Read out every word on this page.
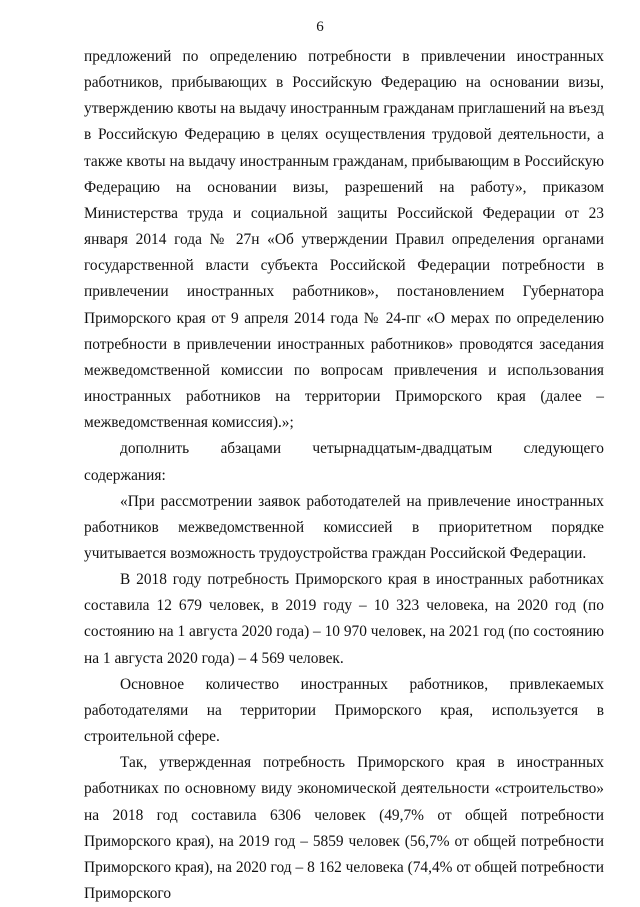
6

предложений по определению потребности в привлечении иностранных работников, прибывающих в Российскую Федерацию на основании визы, утверждению квоты на выдачу иностранным гражданам приглашений на въезд в Российскую Федерацию в целях осуществления трудовой деятельности, а также квоты на выдачу иностранным гражданам, прибывающим в Российскую Федерацию на основании визы, разрешений на работу», приказом Министерства труда и социальной защиты Российской Федерации от 23 января 2014 года № 27н «Об утверждении Правил определения органами государственной власти субъекта Российской Федерации потребности в привлечении иностранных работников», постановлением Губернатора Приморского края от 9 апреля 2014 года № 24-пг «О мерах по определению потребности в привлечении иностранных работников» проводятся заседания межведомственной комиссии по вопросам привлечения и использования иностранных работников на территории Приморского края (далее – межведомственная комиссия).»;

дополнить абзацами четырнадцатым-двадцатым следующего содержания:

«При рассмотрении заявок работодателей на привлечение иностранных работников межведомственной комиссией в приоритетном порядке учитывается возможность трудоустройства граждан Российской Федерации.

В 2018 году потребность Приморского края в иностранных работниках составила 12 679 человек, в 2019 году – 10 323 человека, на 2020 год (по состоянию на 1 августа 2020 года) – 10 970 человек, на 2021 год (по состоянию на 1 августа 2020 года) – 4 569 человек.

Основное количество иностранных работников, привлекаемых работодателями на территории Приморского края, используется в строительной сфере.

Так, утвержденная потребность Приморского края в иностранных работниках по основному виду экономической деятельности «строительство» на 2018 год составила 6306 человек (49,7% от общей потребности Приморского края), на 2019 год – 5859 человек (56,7% от общей потребности Приморского края), на 2020 год – 8 162 человека (74,4% от общей потребности Приморского
